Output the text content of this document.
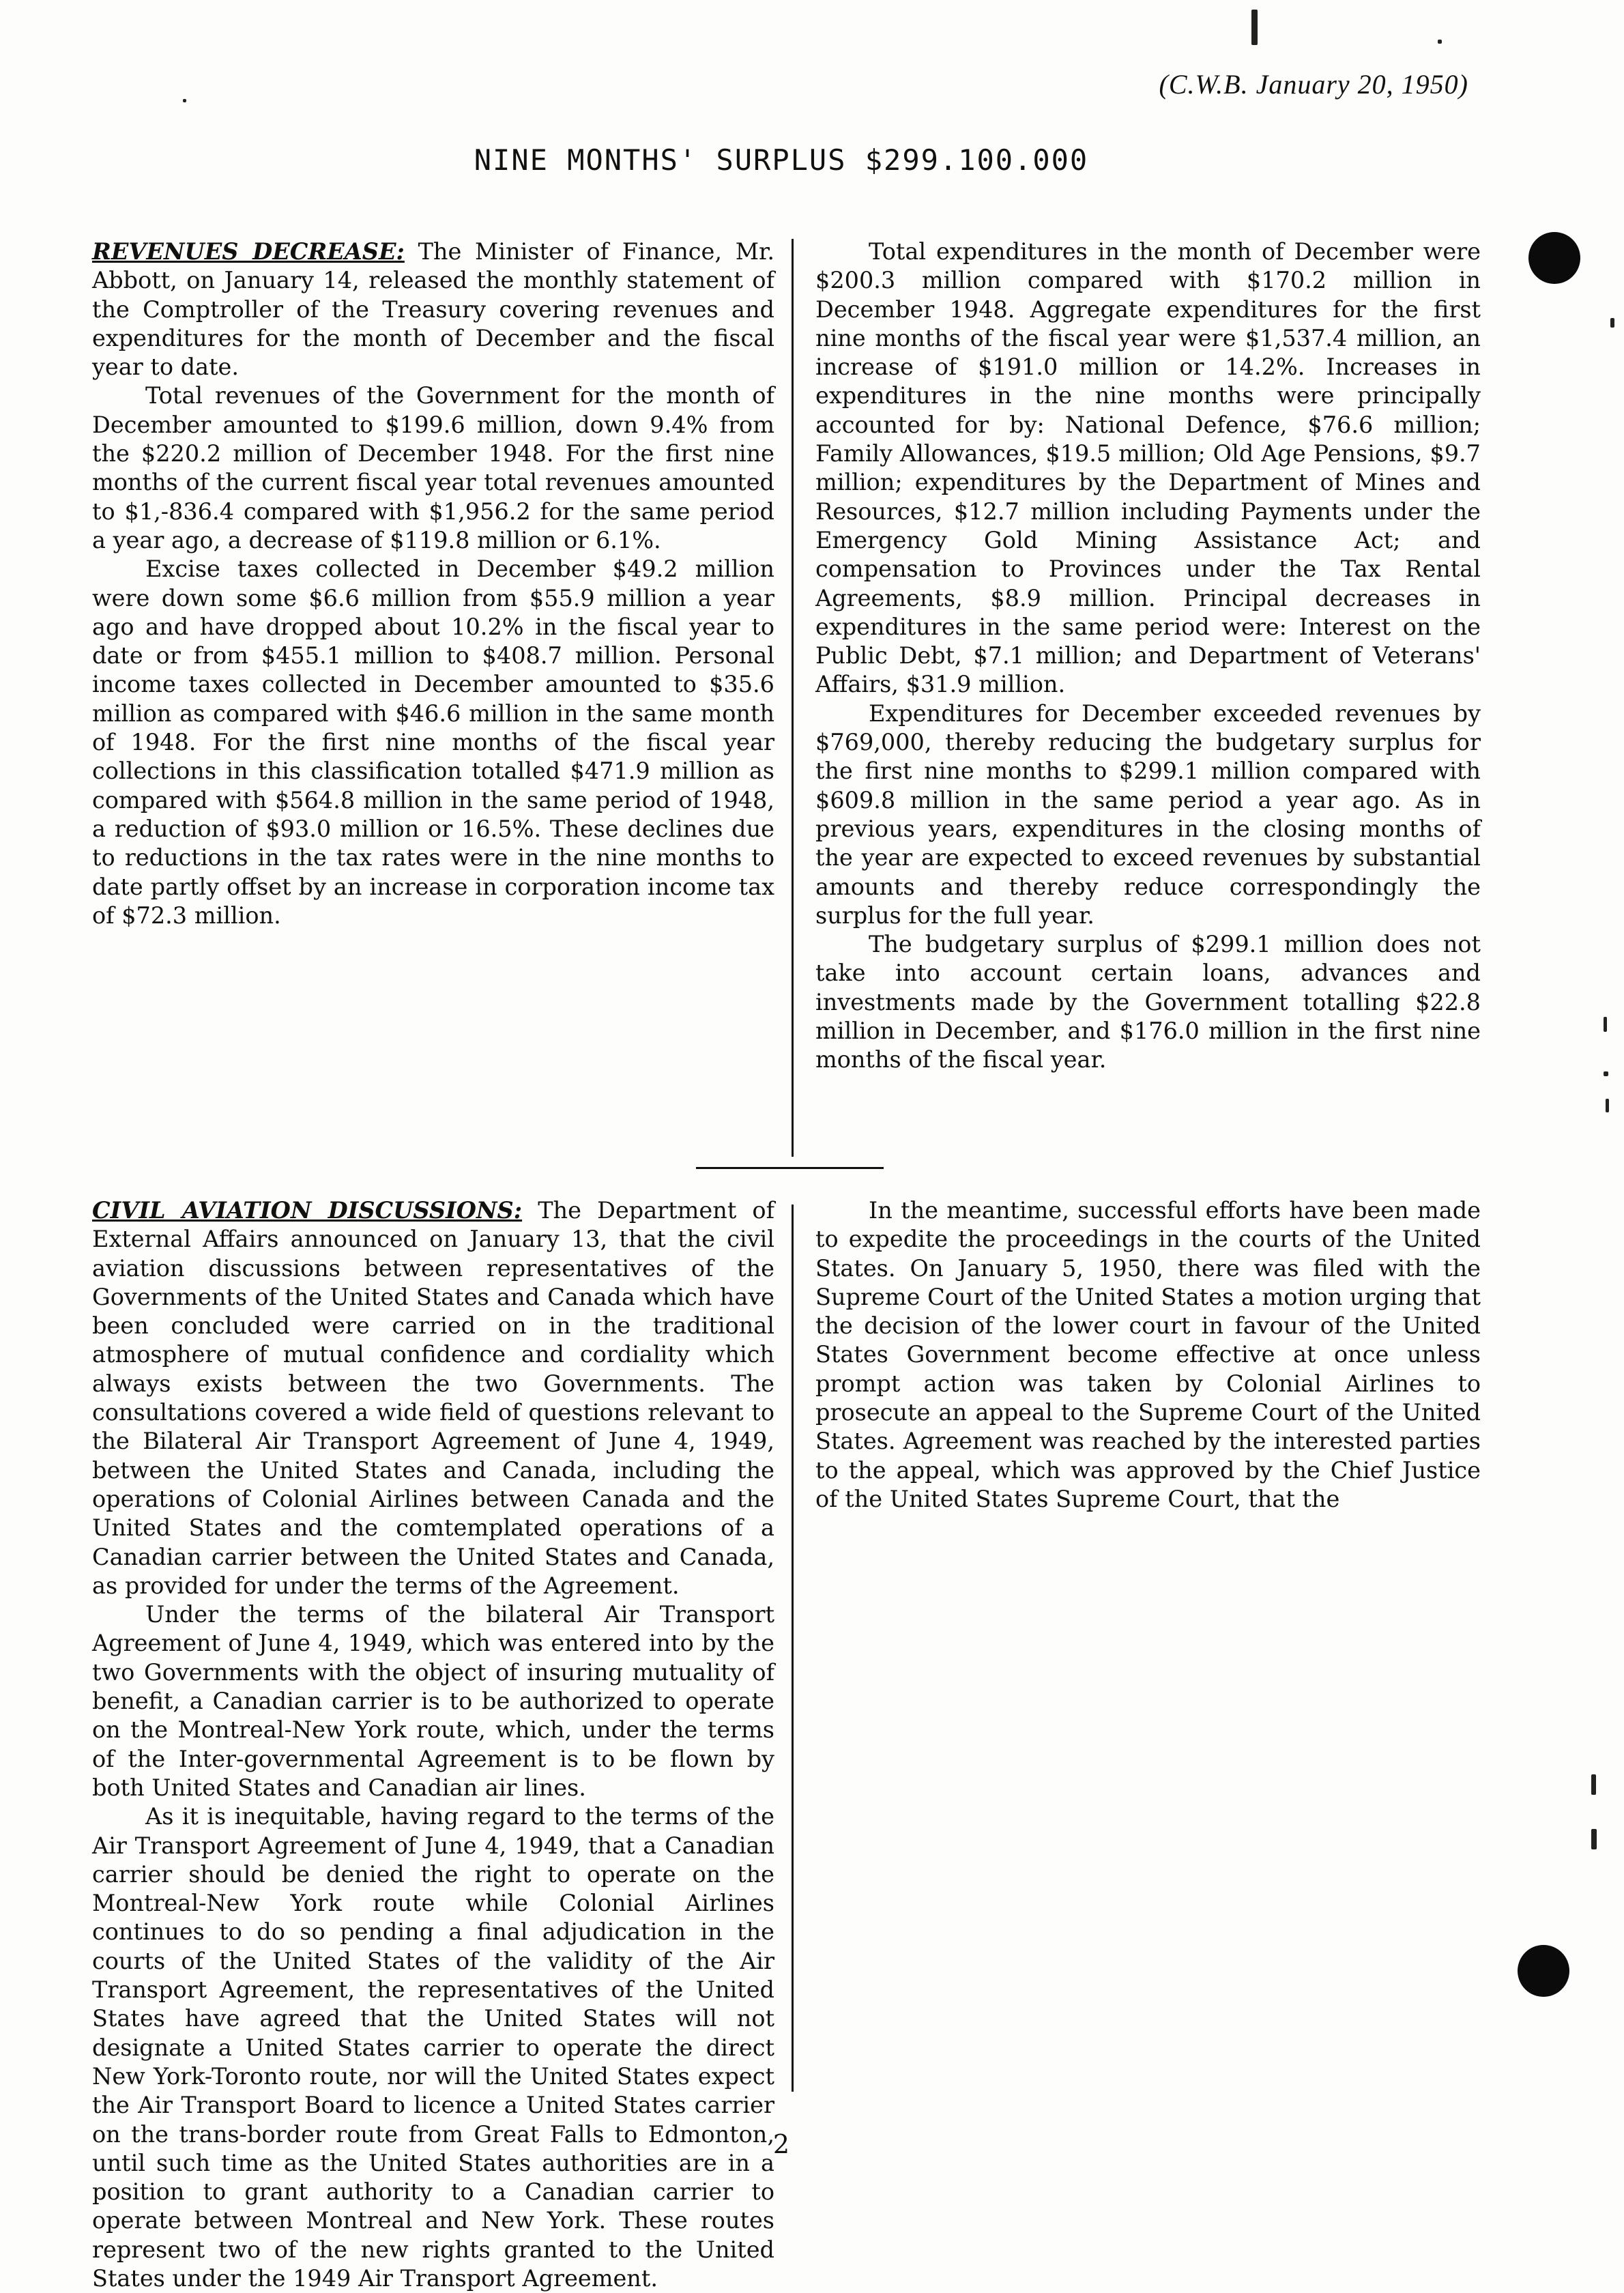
(C.W.B. January 20, 1950)
NINE MONTHS' SURPLUS $299.100.000

REVENUES DECREASE: The Minister of Finance, Mr. Abbott, on January 14, released the monthly statement of the Comptroller of the Treasury covering revenues and expenditures for the month of December and the fiscal year to date.

Total revenues of the Government for the month of December amounted to $199.6 million, down 9.4% from the $220.2 million of December 1948. For the first nine months of the current fiscal year total revenues amounted to $1,-836.4 compared with $1,956.2 for the same period a year ago, a decrease of $119.8 million or 6.1%.

Excise taxes collected in December $49.2 million were down some $6.6 million from $55.9 million a year ago and have dropped about 10.2% in the fiscal year to date or from $455.1 million to $408.7 million. Personal income taxes collected in December amounted to $35.6 million as compared with $46.6 million in the same month of 1948. For the first nine months of the fiscal year collections in this classification totalled $471.9 million as compared with $564.8 million in the same period of 1948, a reduction of $93.0 million or 16.5%. These declines due to reductions in the tax rates were in the nine months to date partly offset by an increase in corporation income tax of $72.3 million.

Total expenditures in the month of December were $200.3 million compared with $170.2 million in December 1948. Aggregate expenditures for the first nine months of the fiscal year were $1,537.4 million, an increase of $191.0 million or 14.2%. Increases in expenditures in the nine months were principally accounted for by: National Defence, $76.6 million; Family Allowances, $19.5 million; Old Age Pensions, $9.7 million; expenditures by the Department of Mines and Resources, $12.7 million including Payments under the Emergency Gold Mining Assistance Act; and compensation to Provinces under the Tax Rental Agreements, $8.9 million. Principal decreases in expenditures in the same period were: Interest on the Public Debt, $7.1 million; and Department of Veterans' Affairs, $31.9 million.

Expenditures for December exceeded revenues by $769,000, thereby reducing the budgetary surplus for the first nine months to $299.1 million compared with $609.8 million in the same period a year ago. As in previous years, expenditures in the closing months of the year are expected to exceed revenues by substantial amounts and thereby reduce correspondingly the surplus for the full year.

The budgetary surplus of $299.1 million does not take into account certain loans, advances and investments made by the Government totalling $22.8 million in December, and $176.0 million in the first nine months of the fiscal year.

CIVIL AVIATION DISCUSSIONS: The Department of External Affairs announced on January 13, that the civil aviation discussions between representatives of the Governments of the United States and Canada which have been concluded were carried on in the traditional atmosphere of mutual confidence and cordiality which always exists between the two Governments. The consultations covered a wide field of questions relevant to the Bilateral Air Transport Agreement of June 4, 1949, between the United States and Canada, including the operations of Colonial Airlines between Canada and the United States and the comtemplated operations of a Canadian carrier between the United States and Canada, as provided for under the terms of the Agreement.

Under the terms of the bilateral Air Transport Agreement of June 4, 1949, which was entered into by the two Governments with the object of insuring mutuality of benefit, a Canadian carrier is to be authorized to operate on the Montreal-New York route, which, under the terms of the Inter-governmental Agreement is to be flown by both United States and Canadian air lines.

As it is inequitable, having regard to the terms of the Air Transport Agreement of June 4, 1949, that a Canadian carrier should be denied the right to operate on the Montreal-New York route while Colonial Airlines continues to do so pending a final adjudication in the courts of the United States of the validity of the Air Transport Agreement, the representatives of the United States have agreed that the United States will not designate a United States carrier to operate the direct New York-Toronto route, nor will the United States expect the Air Transport Board to licence a United States carrier on the trans-border route from Great Falls to Edmonton, until such time as the United States authorities are in a position to grant authority to a Canadian carrier to operate between Montreal and New York. These routes represent two of the new rights granted to the United States under the 1949 Air Transport Agreement.

In the meantime, successful efforts have been made to expedite the proceedings in the courts of the United States. On January 5, 1950, there was filed with the Supreme Court of the United States a motion urging that the decision of the lower court in favour of the United States Government become effective at once unless prompt action was taken by Colonial Airlines to prosecute an appeal to the Supreme Court of the United States. Agreement was reached by the interested parties to the appeal, which was approved by the Chief Justice of the United States Supreme Court, that the

2
